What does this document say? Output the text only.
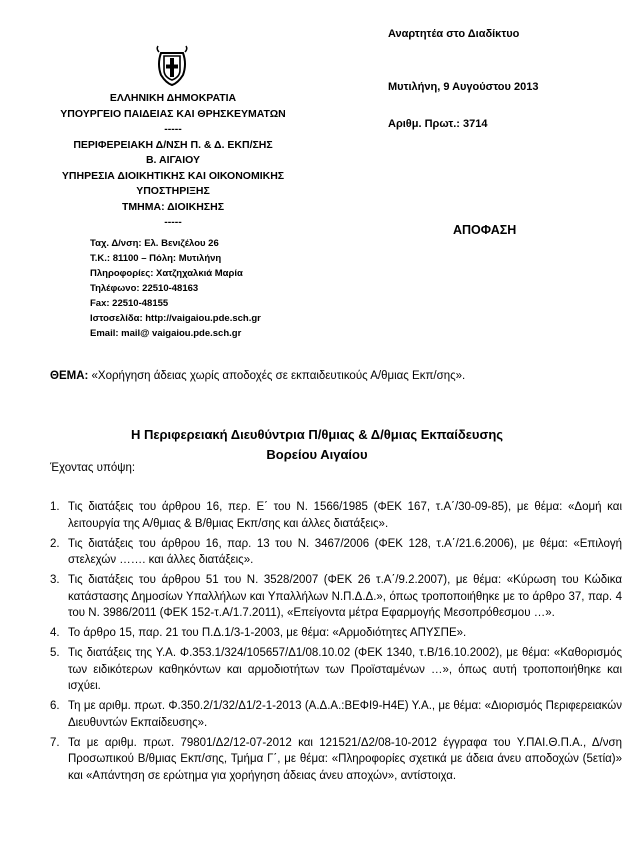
ΕΛΛΗΝΙΚΗ ΔΗΜΟΚΡΑΤΙΑ
ΥΠΟΥΡΓΕΙΟ ΠΑΙΔΕΙΑΣ ΚΑΙ ΘΡΗΣΚΕΥΜΑΤΩΝ
-----
ΠΕΡΙΦΕΡΕΙΑΚΗ Δ/ΝΣΗ Π. & Δ. ΕΚΠ/ΣΗΣ
Β. ΑΙΓΑΙΟΥ
ΥΠΗΡΕΣΙΑ ΔΙΟΙΚΗΤΙΚΗΣ ΚΑΙ ΟΙΚΟΝΟΜΙΚΗΣ
ΥΠΟΣΤΗΡΙΞΗΣ
ΤΜΗΜΑ: ΔΙΟΙΚΗΣΗΣ
-----
Ταχ. Δ/νση: Ελ. Βενιζέλου 26
Τ.Κ.: 81100 – Πόλη: Μυτιλήνη
Πληροφορίες: Χατζηχαλκιά Μαρία
Τηλέφωνο: 22510-48163
Fax: 22510-48155
Ιστοσελίδα: http://vaigaiou.pde.sch.gr
Email: mail@ vaigaiou.pde.sch.gr
Αναρτητέα στο Διαδίκτυο
Μυτιλήνη, 9 Αυγούστου 2013
Αριθμ. Πρωτ.: 3714
ΑΠΟΦΑΣΗ
ΘΕΜΑ: «Χορήγηση άδειας χωρίς αποδοχές σε εκπαιδευτικούς Α/θμιας Εκπ/σης».
Η Περιφερειακή Διευθύντρια Π/θμιας & Δ/θμιας Εκπαίδευσης
Βορείου Αιγαίου
Έχοντας υπόψη:
1. Τις διατάξεις του άρθρου 16, περ. Ε΄ του Ν. 1566/1985 (ΦΕΚ 167, τ.Α΄/30-09-85), με θέμα: «Δομή και λειτουργία της Α/θμιας & Β/θμιας Εκπ/σης και άλλες διατάξεις».
2. Τις διατάξεις του άρθρου 16, παρ. 13 του Ν. 3467/2006 (ΦΕΚ 128, τ.Α΄/21.6.2006), με θέμα: «Επιλογή στελεχών ……. και άλλες διατάξεις».
3. Τις διατάξεις του άρθρου 51 του Ν. 3528/2007 (ΦΕΚ 26 τ.Α΄/9.2.2007), με θέμα: «Κύρωση του Κώδικα κατάστασης Δημοσίων Υπαλλήλων και Υπαλλήλων Ν.Π.Δ.Δ.», όπως τροποποιήθηκε με το άρθρο 37, παρ. 4 του Ν. 3986/2011 (ΦΕΚ 152-τ.Α/1.7.2011), «Επείγοντα μέτρα Εφαρμογής Μεσοπρόθεσμου …».
4. Το άρθρο 15, παρ. 21 του Π.Δ.1/3-1-2003, με θέμα: «Αρμοδιότητες ΑΠΥΣΠΕ».
5. Τις διατάξεις της Υ.Α. Φ.353.1/324/105657/Δ1/08.10.02 (ΦΕΚ 1340, τ.Β/16.10.2002), με θέμα: «Καθορισμός των ειδικότερων καθηκόντων και αρμοδιοτήτων των Προϊσταμένων …», όπως αυτή τροποποιήθηκε και ισχύει.
6. Τη με αριθμ. πρωτ. Φ.350.2/1/32/Δ1/2-1-2013 (Α.Δ.Α.:ΒΕΦΙ9-Η4Ε) Υ.Α., με θέμα: «Διορισμός Περιφερειακών Διευθυντών Εκπαίδευσης».
7. Τα με αριθμ. πρωτ. 79801/Δ2/12-07-2012 και 121521/Δ2/08-10-2012 έγγραφα του Υ.ΠΑΙ.Θ.Π.Α., Δ/νση Προσωπικού Β/θμιας Εκπ/σης, Τμήμα Γ΄, με θέμα: «Πληροφορίες σχετικά με άδεια άνευ αποδοχών (5ετία)» και «Απάντηση σε ερώτημα για χορήγηση άδειας άνευ απoχών», αντίστοιχα.
